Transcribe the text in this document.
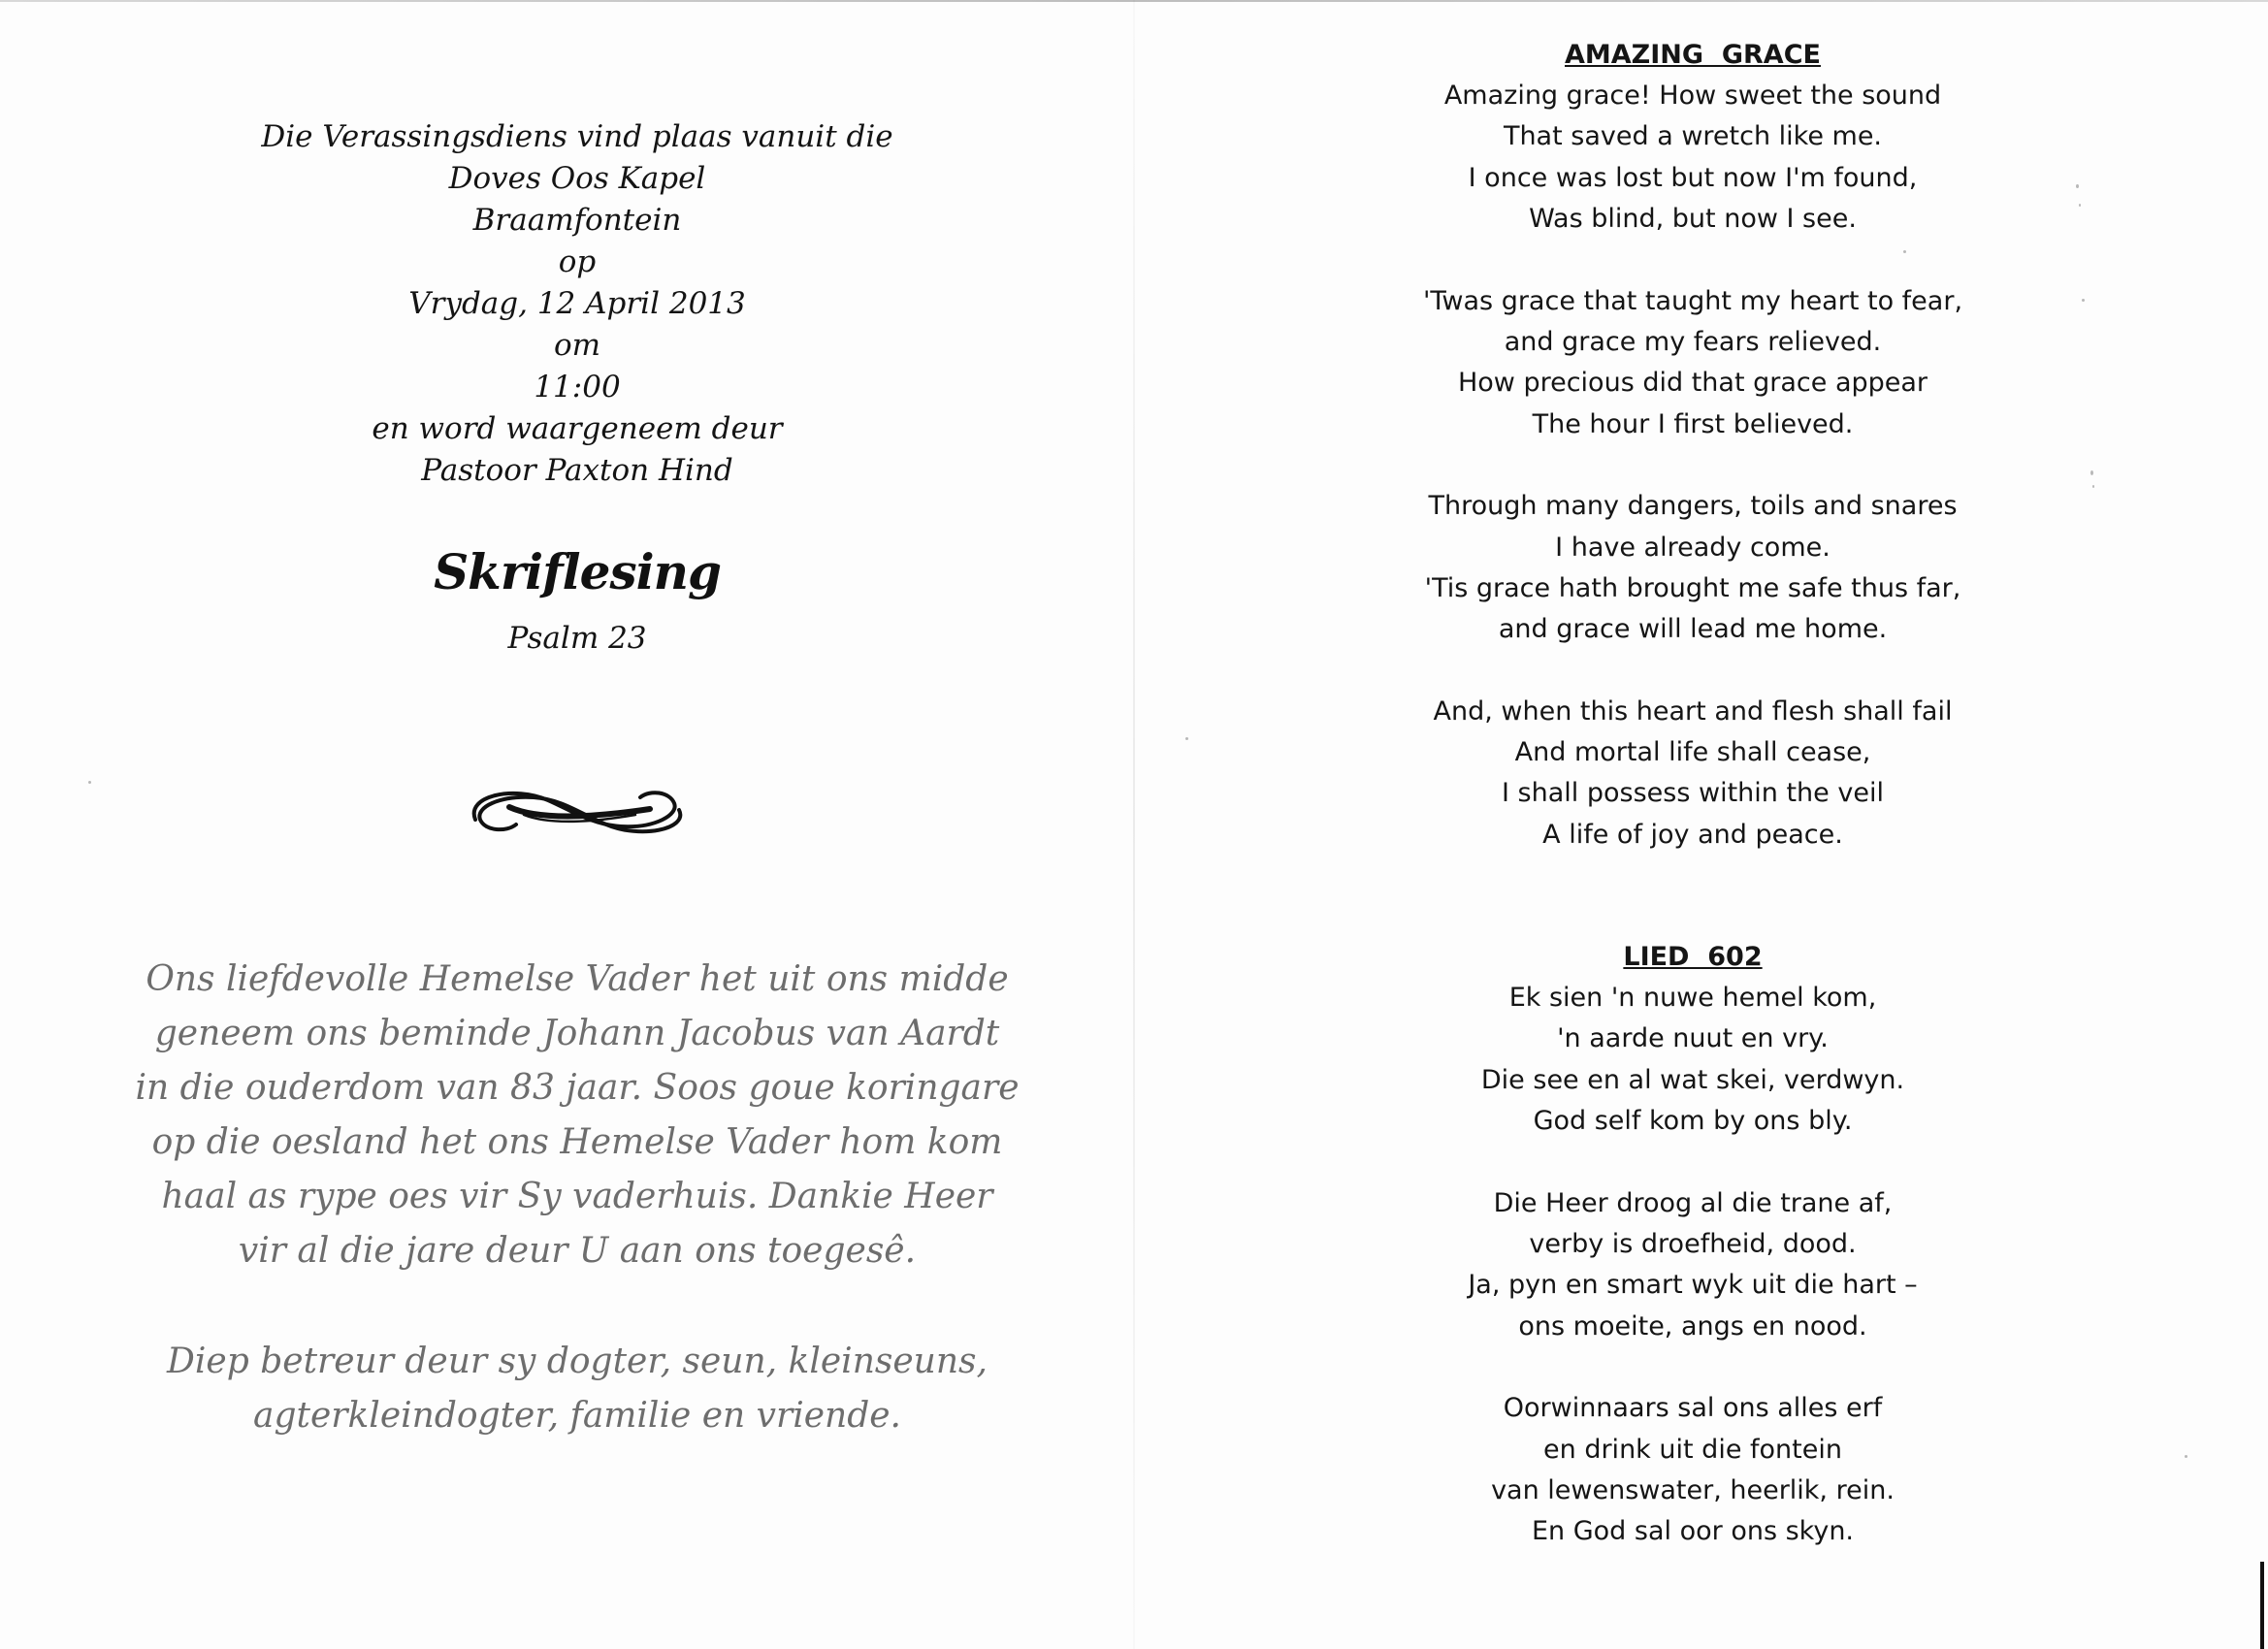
Die Verassingsdiens vind plaas vanuit die
Doves Oos Kapel
Braamfontein
op
Vrydag, 12 April 2013
om
11:00
en word waargeneem deur
Pastoor Paxton Hind
Skriflesing
Psalm 23
Ons liefdevolle Hemelse Vader het uit ons midde
geneem ons beminde Johann Jacobus van Aardt
in die ouderdom van 83 jaar. Soos goue koringare
op die oesland het ons Hemelse Vader hom kom
haal as rype oes vir Sy vaderhuis. Dankie Heer
vir al die jare deur U aan ons toegesê.
Diep betreur deur sy dogter, seun, kleinseuns,
agterkleindogter, familie en vriende.
AMAZING  GRACE
Amazing grace! How sweet the sound
That saved a wretch like me.
I once was lost but now I'm found,
Was blind, but now I see.
'Twas grace that taught my heart to fear,
and grace my fears relieved.
How precious did that grace appear
The hour I first believed.
Through many dangers, toils and snares
I have already come.
'Tis grace hath brought me safe thus far,
and grace will lead me home.
And, when this heart and flesh shall fail
And mortal life shall cease,
I shall possess within the veil
A life of joy and peace.
LIED  602
Ek sien 'n nuwe hemel kom,
'n aarde nuut en vry.
Die see en al wat skei, verdwyn.
God self kom by ons bly.
Die Heer droog al die trane af,
verby is droefheid, dood.
Ja, pyn en smart wyk uit die hart –
ons moeite, angs en nood.
Oorwinnaars sal ons alles erf
en drink uit die fontein
van lewenswater, heerlik, rein.
En God sal oor ons skyn.
